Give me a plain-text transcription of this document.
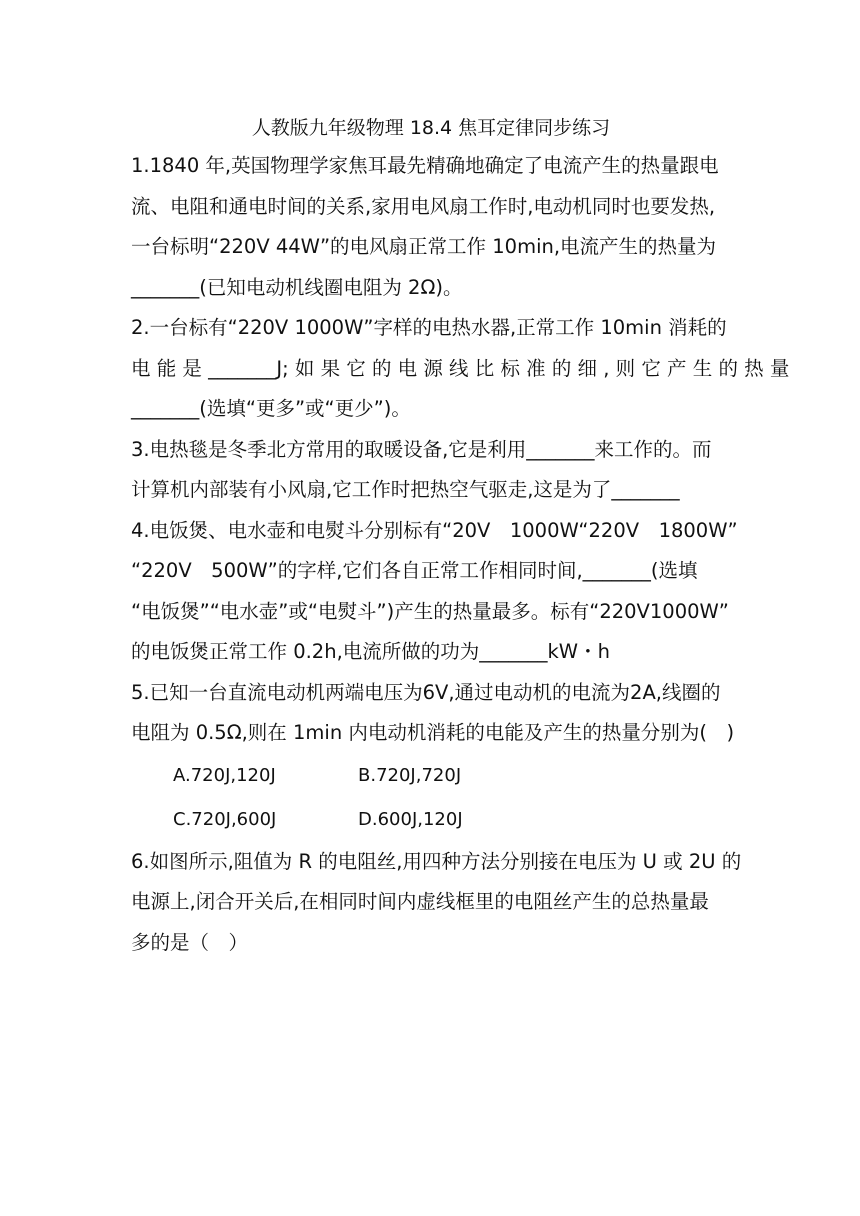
人教版九年级物理 18.4 焦耳定律同步练习

1.1840 年,英国物理学家焦耳最先精确地确定了电流产生的热量跟电
流、电阻和通电时间的关系,家用电风扇工作时,电动机同时也要发热,
一台标明“220V 44W”的电风扇正常工作 10min,电流产生的热量为
_______(已知电动机线圈电阻为 2Ω)。

2.一台标有“220V 1000W”字样的电热水器,正常工作 10min 消耗的
电 能 是 _______J; 如 果 它 的 电 源 线 比 标 准 的 细 , 则 它 产 生 的 热 量
_______(选填“更多”或“更少”)。

3.电热毯是冬季北方常用的取暖设备,它是利用_______来工作的。而
计算机内部装有小风扇,它工作时把热空气驱走,这是为了_______

4.电饭煲、电水壶和电熨斗分别标有“20V　1000W“220V　1800W”
“220V　500W”的字样,它们各自正常工作相同时间,_______(选填
“电饭煲”“电水壶”或“电熨斗”)产生的热量最多。标有“220V1000W”
的电饭煲正常工作 0.2h,电流所做的功为_______kW・h

5.已知一台直流电动机两端电压为6V,通过电动机的电流为2A,线圈的
电阻为 0.5Ω,则在 1min 内电动机消耗的电能及产生的热量分别为(　)

A.720J,120J	B.720J,720J
C.720J,600J	D.600J,120J

6.如图所示,阻值为 R 的电阻丝,用四种方法分别接在电压为 U 或 2U 的
电源上,闭合开关后,在相同时间内虚线框里的电阻丝产生的总热量最
多的是（　）
